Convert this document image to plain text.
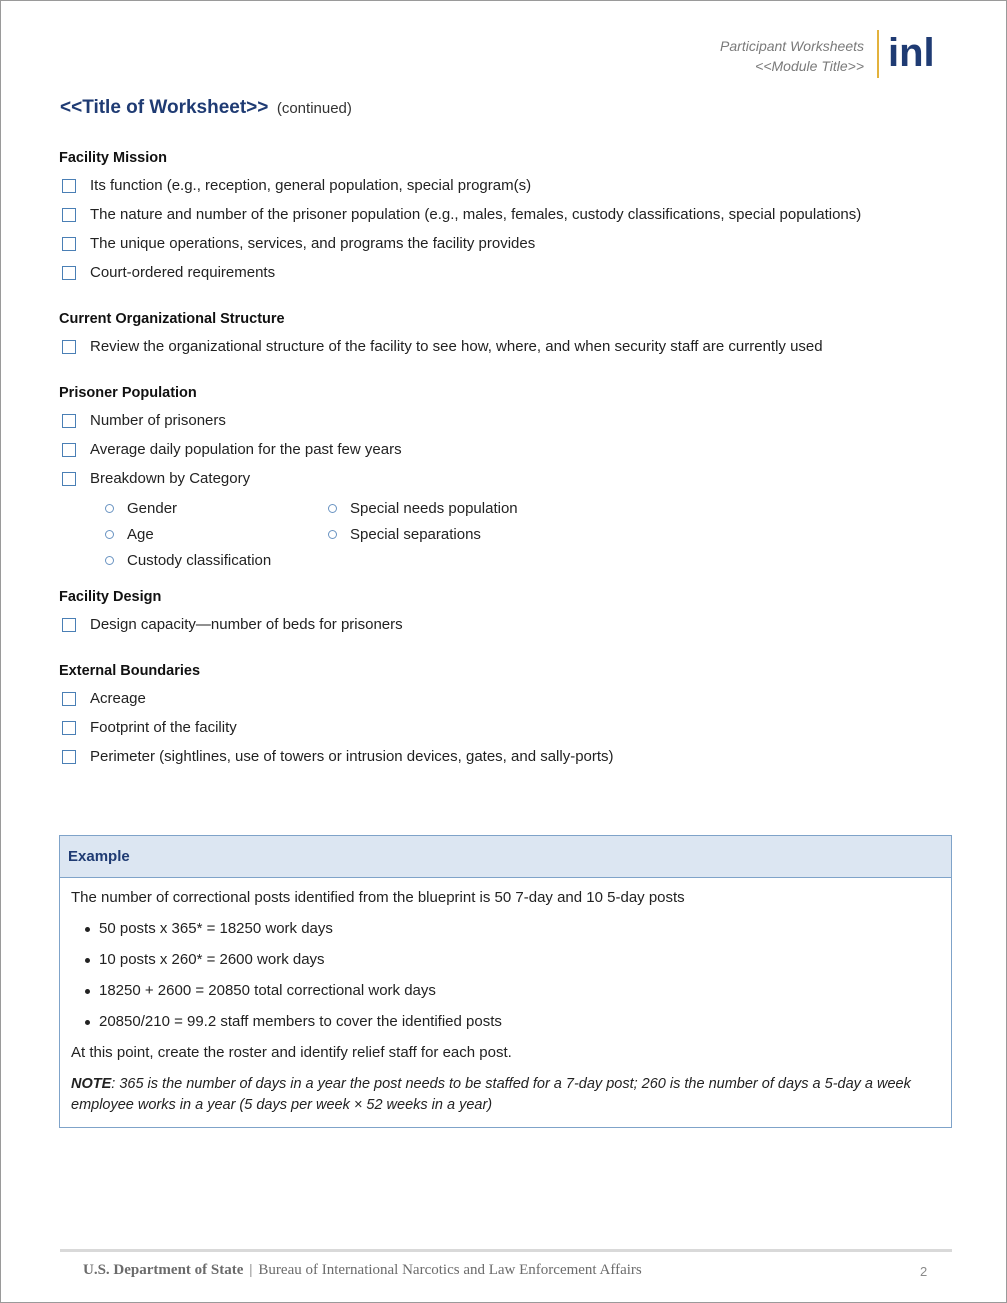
Participant Worksheets
<<Module Title>> inl
<<Title of Worksheet>> (continued)
Facility Mission
Its function (e.g., reception, general population, special program(s)
The nature and number of the prisoner population (e.g., males, females, custody classifications, special populations)
The unique operations, services, and programs the facility provides
Court-ordered requirements
Current Organizational Structure
Review the organizational structure of the facility to see how, where, and when security staff are currently used
Prisoner Population
Number of prisoners
Average daily population for the past few years
Breakdown by Category
Gender
Age
Custody classification
Special needs population
Special separations
Facility Design
Design capacity—number of beds for prisoners
External Boundaries
Acreage
Footprint of the facility
Perimeter (sightlines, use of towers or intrusion devices, gates, and sally-ports)
Example
The number of correctional posts identified from the blueprint is 50 7-day and 10 5-day posts
50 posts x 365* = 18250 work days
10 posts x 260* = 2600 work days
18250 + 2600 = 20850 total correctional work days
20850/210 = 99.2 staff members to cover the identified posts
At this point, create the roster and identify relief staff for each post.
NOTE: 365 is the number of days in a year the post needs to be staffed for a 7-day post; 260 is the number of days a 5-day a week employee works in a year (5 days per week × 52 weeks in a year)
U.S. Department of State | Bureau of International Narcotics and Law Enforcement Affairs	2
